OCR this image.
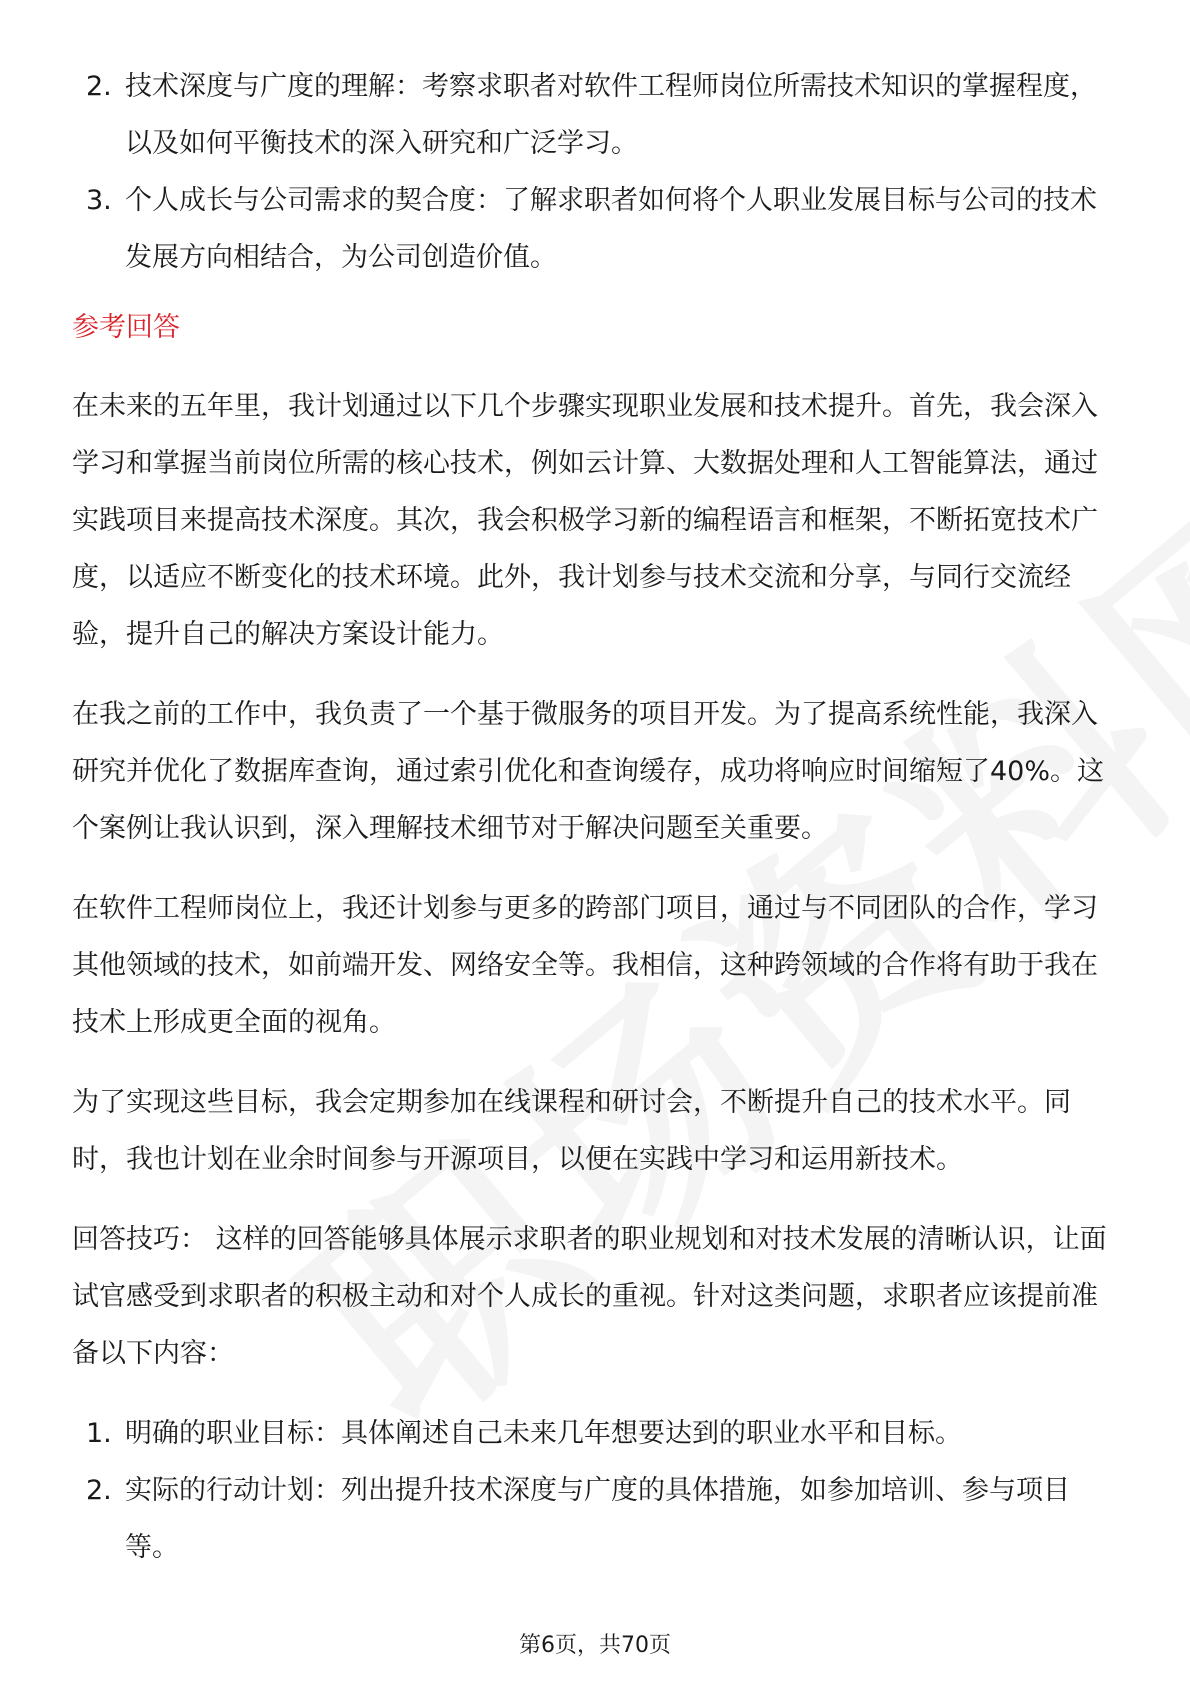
2. 技术深度与广度的理解：考察求职者对软件工程师岗位所需技术知识的掌握程度，以及如何平衡技术的深入研究和广泛学习。
3. 个人成长与公司需求的契合度：了解求职者如何将个人职业发展目标与公司的技术发展方向相结合，为公司创造价值。
参考回答

在未来的五年里，我计划通过以下几个步骤实现职业发展和技术提升。首先，我会深入学习和掌握当前岗位所需的核心技术，例如云计算、大数据处理和人工智能算法，通过实践项目来提高技术深度。其次，我会积极学习新的编程语言和框架，不断拓宽技术广度，以适应不断变化的技术环境。此外，我计划参与技术交流和分享，与同行交流经验，提升自己的解决方案设计能力。

在我之前的工作中，我负责了一个基于微服务的项目开发。为了提高系统性能，我深入研究并优化了数据库查询，通过索引优化和查询缓存，成功将响应时间缩短了40%。这个案例让我认识到，深入理解技术细节对于解决问题至关重要。

在软件工程师岗位上，我还计划参与更多的跨部门项目，通过与不同团队的合作，学习其他领域的技术，如前端开发、网络安全等。我相信，这种跨领域的合作将有助于我在技术上形成更全面的视角。

为了实现这些目标，我会定期参加在线课程和研讨会，不断提升自己的技术水平。同时，我也计划在业余时间参与开源项目，以便在实践中学习和运用新技术。

回答技巧： 这样的回答能够具体展示求职者的职业规划和对技术发展的清晰认识，让面试官感受到求职者的积极主动和对个人成长的重视。针对这类问题，求职者应该提前准备以下内容：

1. 明确的职业目标：具体阐述自己未来几年想要达到的职业水平和目标。
2. 实际的行动计划：列出提升技术深度与广度的具体措施，如参加培训、参与项目等。
第6页，共70页
